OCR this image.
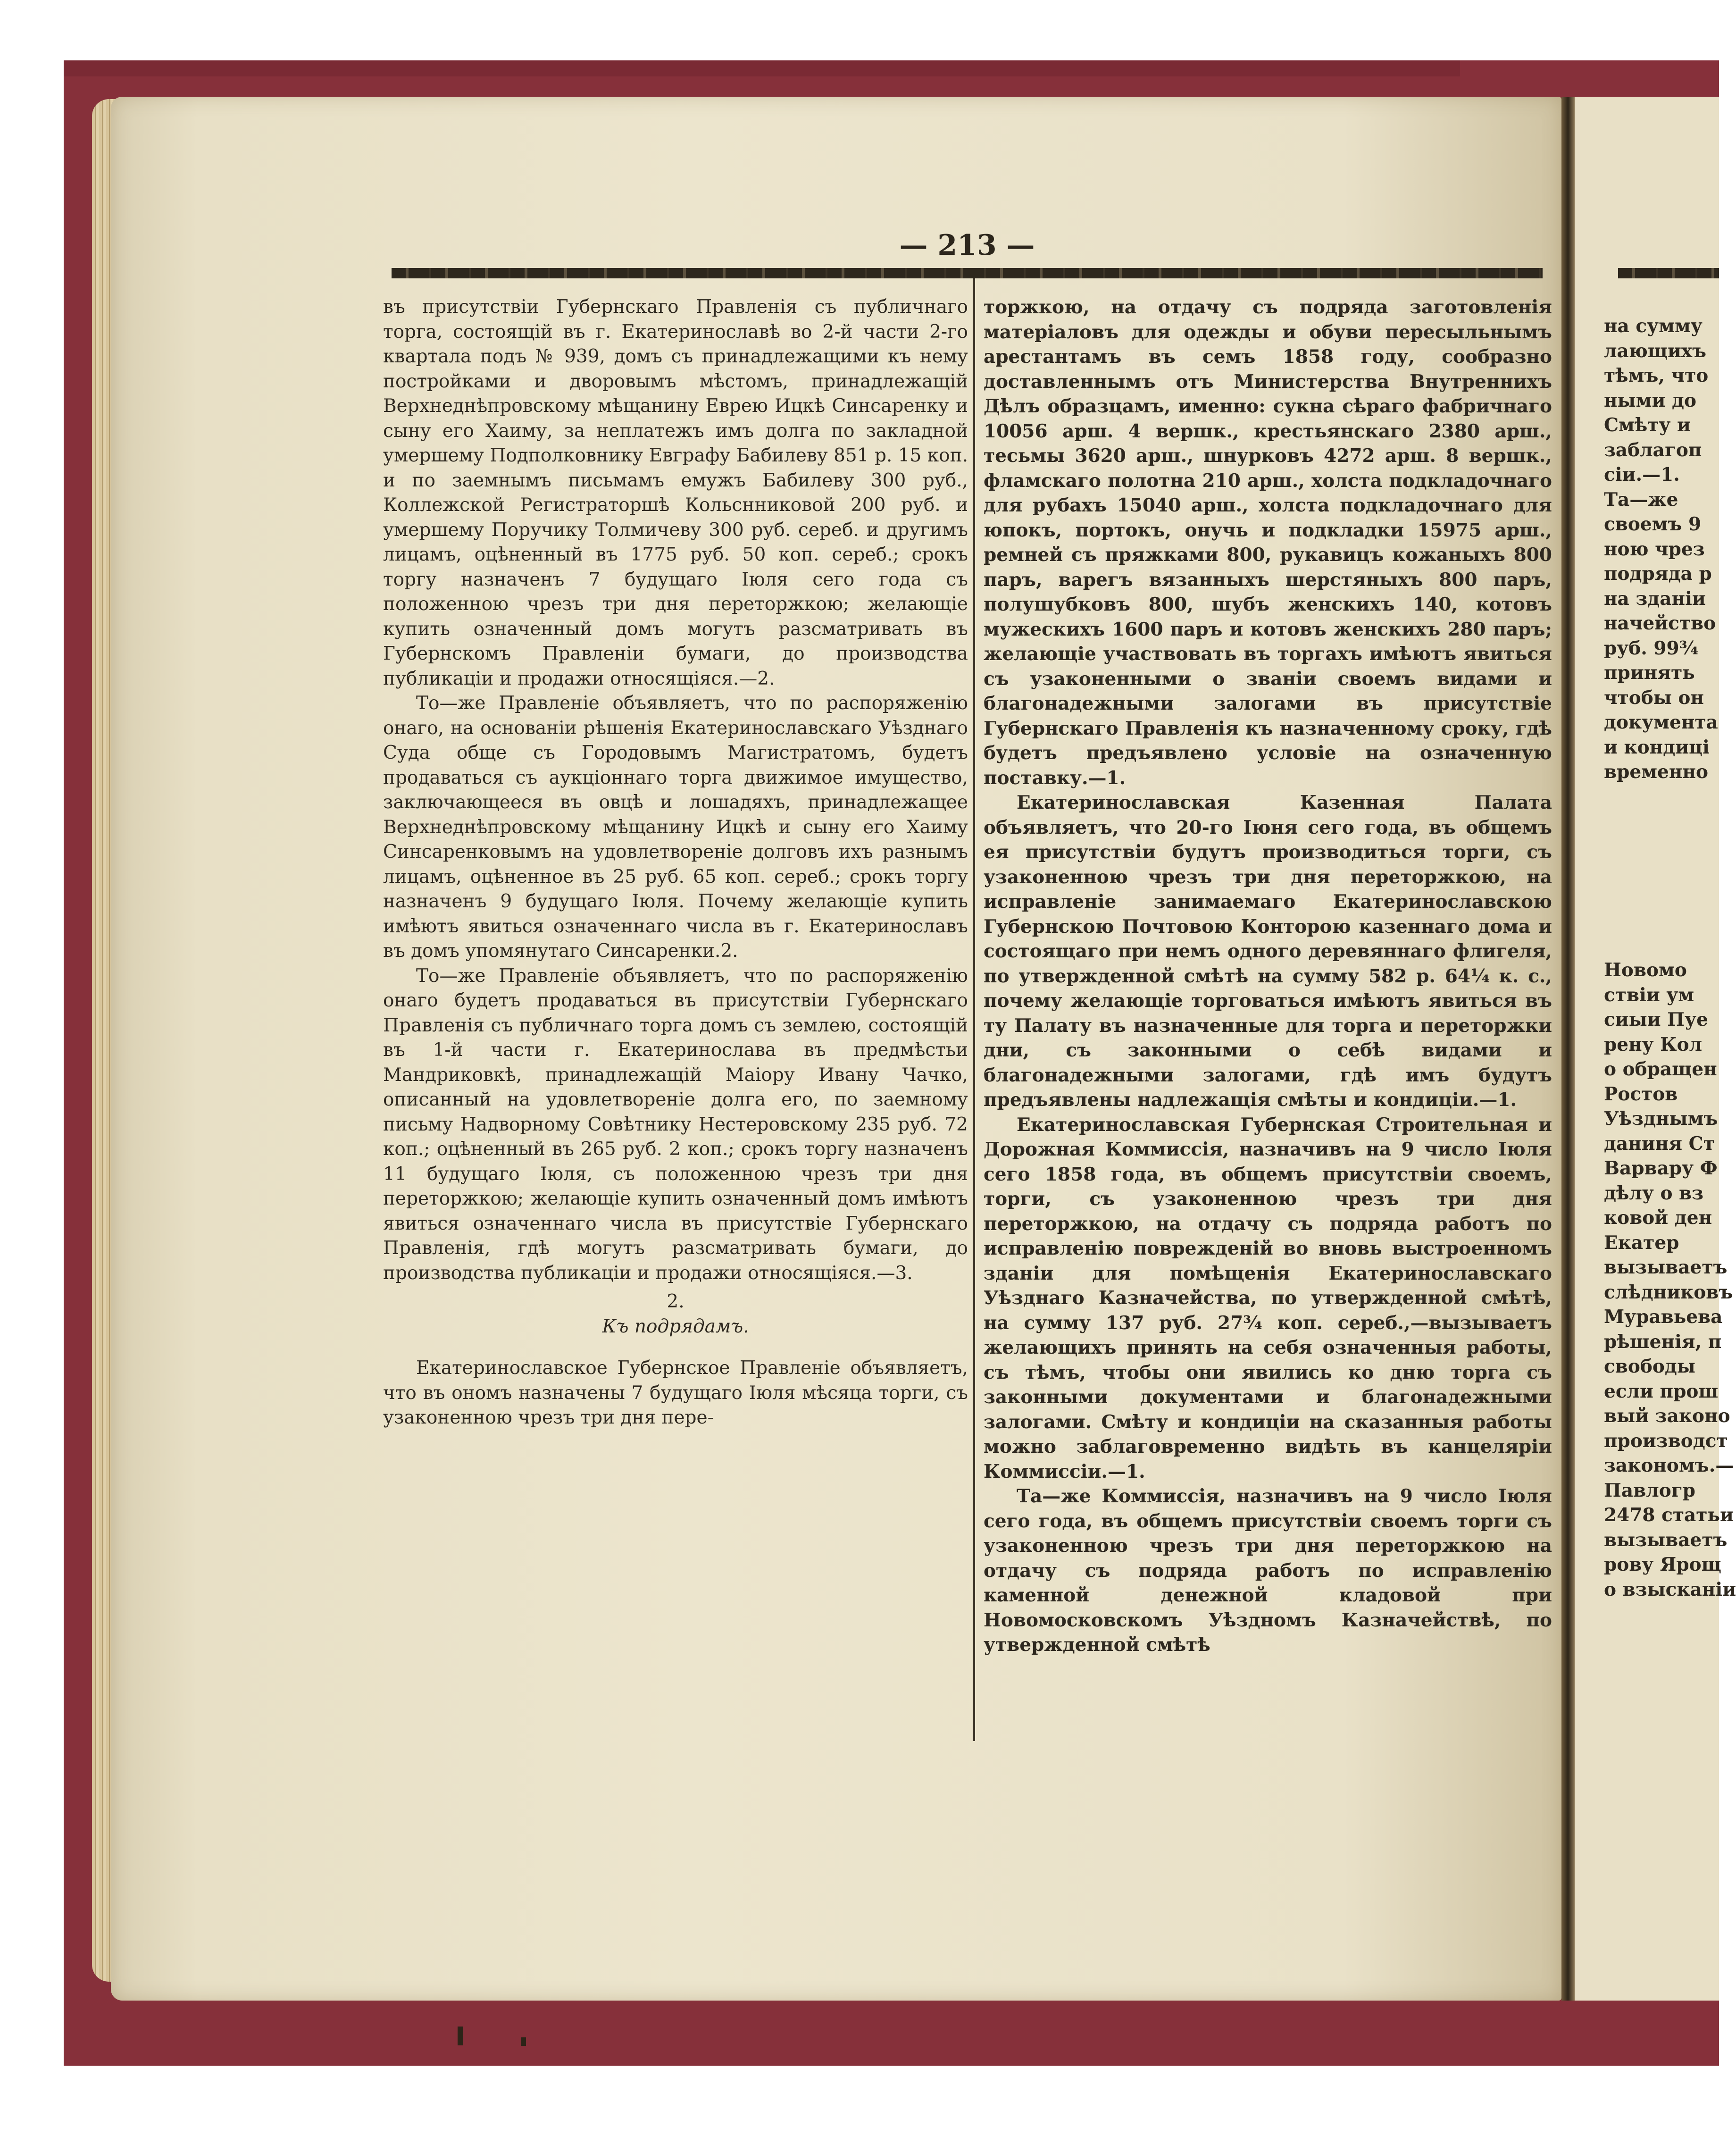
— 213 —

въ присутствіи Губернскаго Правленія съ публичнаго торга, состоящій въ г. Екатеринославѣ во 2-й части 2-го квартала подъ № 939, домъ съ принадлежащими къ нему постройками и дворовымъ мѣстомъ, принадлежащій Верхнеднѣпровскому мѣщанину Еврею Ицкѣ Синсаренку и сыну его Хаиму, за неплатежъ имъ долга по закладной умершему Подполковнику Евграфу Бабилеву 851 р. 15 коп. и по заемнымъ письмамъ емужъ Бабилеву 300 руб., Коллежской Регистраторшѣ Кольснниковой 200 руб. и умершему Поручику Толмичеву 300 руб. сереб. и другимъ лицамъ, оцѣненный въ 1775 руб. 50 коп. сереб.; срокъ торгу назначенъ 7 будущаго Іюля сего года съ положенною чрезъ три дня переторжкою; желающіе купить означенный домъ могутъ разсматривать въ Губернскомъ Правленіи бумаги, до производства публикаціи и продажи относящіяся.—2.

То—же Правленіе объявляетъ, что по распоряженію онаго, на основаніи рѣшенія Екатеринославскаго Уѣзднаго Суда обще съ Городовымъ Магистратомъ, будетъ продаваться съ аукціоннаго торга движимое имущество, заключающееся въ овцѣ и лошадяхъ, принадлежащее Верхнеднѣпровскому мѣщанину Ицкѣ и сыну его Хаиму Синсаренковымъ на удовлетвореніе долговъ ихъ разнымъ лицамъ, оцѣненное въ 25 руб. 65 коп. сереб.; срокъ торгу назначенъ 9 будущаго Іюля. Почему желающіе купить имѣютъ явиться означеннаго числа въ г. Екатеринославъ въ домъ упомянутаго Синсаренки.2.

То—же Правленіе объявляетъ, что по распоряженію онаго будетъ продаваться въ присутствіи Губернскаго Правленія съ публичнаго торга домъ съ землею, состоящій въ 1-й части г. Екатеринослава въ предмѣстьи Мандриковкѣ, принадлежащій Маіору Ивану Чачко, описанный на удовлетвореніе долга его, по заемному письму Надворному Совѣтнику Нестеровскому 235 руб. 72 коп.; оцѣненный въ 265 руб. 2 коп.; срокъ торгу назначенъ 11 будущаго Іюля, съ положенною чрезъ три дня переторжкою; желающіе купить означенный домъ имѣютъ явиться означеннаго числа въ присутствіе Губернскаго Правленія, гдѣ могутъ разсматривать бумаги, до производства публикаціи и продажи относящіяся.—3.

2.

Къ подрядамъ.

Екатеринославское Губернское Правленіе объявляетъ, что въ ономъ назначены 7 будущаго Іюля мѣсяца торги, съ узаконенною чрезъ три дня пере-

торжкою, на отдачу съ подряда заготовленія матеріаловъ для одежды и обуви пересыльнымъ арестантамъ въ семъ 1858 году, сообразно доставленнымъ отъ Министерства Внутреннихъ Дѣлъ образцамъ, именно: сукна сѣраго фабричнаго 10056 арш. 4 вершк., крестьянскаго 2380 арш., тесьмы 3620 арш., шнурковъ 4272 арш. 8 вершк., фламскаго полотна 210 арш., холста подкладочнаго для рубахъ 15040 арш., холста подкладочнаго для юпокъ, портокъ, онучь и подкладки 15975 арш., ремней съ пряжками 800, рукавицъ кожаныхъ 800 паръ, варегъ вязанныхъ шерстяныхъ 800 паръ, полушубковъ 800, шубъ женскихъ 140, котовъ мужескихъ 1600 паръ и котовъ женскихъ 280 паръ; желающіе участвовать въ торгахъ имѣютъ явиться съ узаконенными о званіи своемъ видами и благонадежными залогами въ присутствіе Губернскаго Правленія къ назначенному сроку, гдѣ будетъ предъявлено условіе на означенную поставку.—1.

Екатеринославская Казенная Палата объявляетъ, что 20-го Іюня сего года, въ общемъ ея присутствіи будутъ производиться торги, съ узаконенною чрезъ три дня переторжкою, на исправленіе занимаемаго Екатеринославскою Губернскою Почтовою Конторою казеннаго дома и состоящаго при немъ одного деревяннаго флигеля, по утвержденной смѣтѣ на сумму 582 р. 64¼ к. с., почему желающіе торговаться имѣютъ явиться въ ту Палату въ назначенные для торга и переторжки дни, съ законными о себѣ видами и благонадежными залогами, гдѣ имъ будутъ предъявлены надлежащія смѣты и кондиціи.—1.

Екатеринославская Губернская Строительная и Дорожная Коммиссія, назначивъ на 9 число Іюля сего 1858 года, въ общемъ присутствіи своемъ, торги, съ узаконенною чрезъ три дня переторжкою, на отдачу съ подряда работъ по исправленію поврежденій во вновь выстроенномъ зданіи для помѣщенія Екатеринославскаго Уѣзднаго Казначейства, по утвержденной смѣтѣ, на сумму 137 руб. 27¾ коп. сереб.,—вызываетъ желающихъ принять на себя означенныя работы, съ тѣмъ, чтобы они явились ко дню торга съ законными документами и благонадежными залогами. Смѣту и кондиціи на сказанныя работы можно заблаговременно видѣть въ канцеляріи Коммиссіи.—1.

Та—же Коммиссія, назначивъ на 9 число Іюля сего года, въ общемъ присутствіи своемъ торги съ узаконенною чрезъ три дня переторжкою на отдачу съ подряда работъ по исправленію каменной денежной кладовой при Новомосковскомъ Уѣздномъ Казначействѣ, по утвержденной смѣтѣ

на сумму
лающихъ
тѣмъ, что
ными до
Смѣту и
заблагоп
сіи.—1.
Та—же
своемъ 9
ною чрез
подряда р
на зданіи
начейство
руб. 99¾
принять
чтобы он
документа
и кондиці
временно

Новомо
ствіи ум
сиыи Пуе
рену Кол
о обращен
Ростов
Уѣзднымъ
даниня Ст
Варвару Ф
дѣлу о вз
ковой ден
Екатер
вызываетъ
слѣдниковъ
Муравьева
рѣшенія, п
свободы
если прош
вый законо
производст
закономъ.—
Павлогр
2478 статьи
вызываетъ
рову Ярощ
о взысканіи
